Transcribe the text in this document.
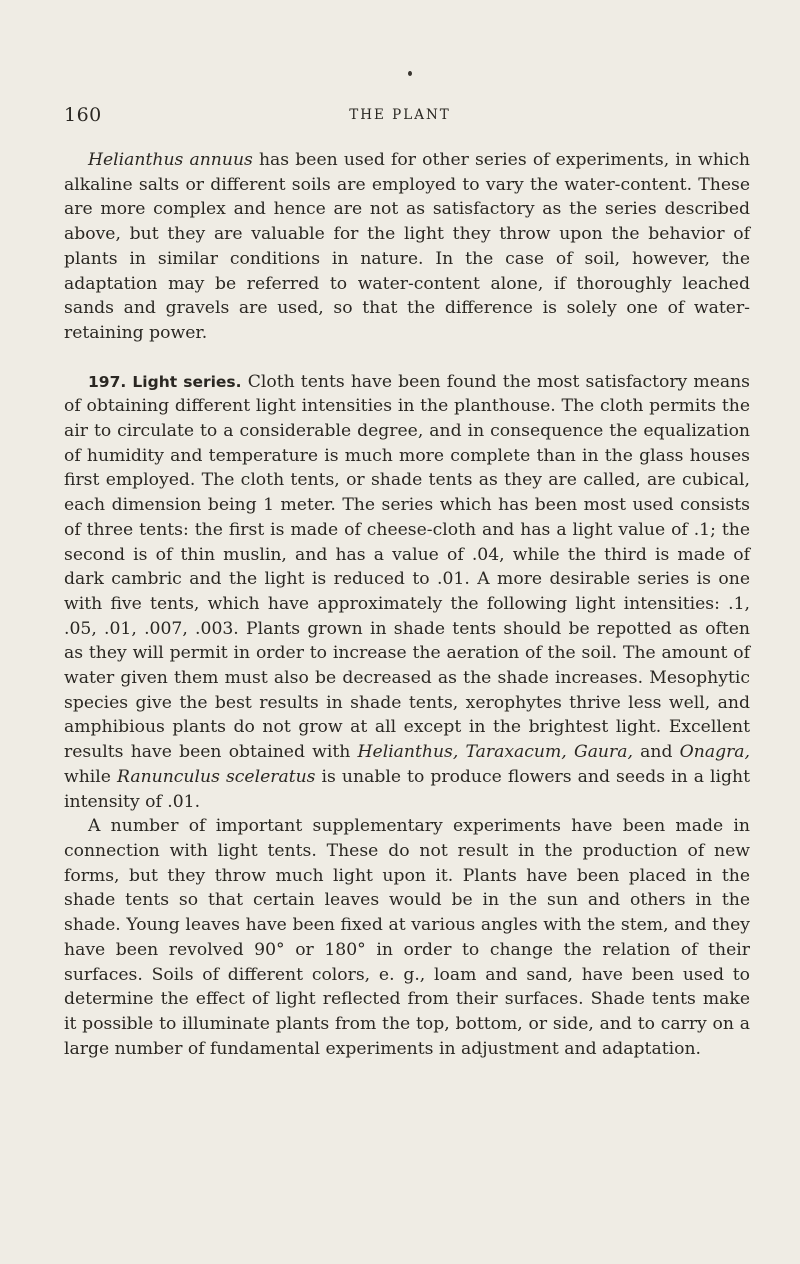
160	THE PLANT

Helianthus annuus has been used for other series of experiments, in which alkaline salts or different soils are employed to vary the water-content. These are more complex and hence are not as satisfactory as the series described above, but they are valuable for the light they throw upon the behavior of plants in similar conditions in nature. In the case of soil, however, the adaptation may be referred to water-content alone, if thoroughly leached sands and gravels are used, so that the difference is solely one of water-retaining power.

197. Light series. Cloth tents have been found the most satisfactory means of obtaining different light intensities in the planthouse. The cloth permits the air to circulate to a considerable degree, and in consequence the equalization of humidity and temperature is much more complete than in the glass houses first employed. The cloth tents, or shade tents as they are called, are cubical, each dimension being 1 meter. The series which has been most used consists of three tents: the first is made of cheese-cloth and has a light value of .1; the second is of thin muslin, and has a value of .04, while the third is made of dark cambric and the light is reduced to .01. A more desirable series is one with five tents, which have approximately the following light intensities: .1, .05, .01, .007, .003. Plants grown in shade tents should be repotted as often as they will permit in order to increase the aeration of the soil. The amount of water given them must also be decreased as the shade increases. Mesophytic species give the best results in shade tents, xerophytes thrive less well, and amphibious plants do not grow at all except in the brightest light. Excellent results have been obtained with Helianthus, Taraxacum, Gaura, and Onagra, while Ranunculus sceleratus is unable to produce flowers and seeds in a light intensity of .01.

A number of important supplementary experiments have been made in connection with light tents. These do not result in the production of new forms, but they throw much light upon it. Plants have been placed in the shade tents so that certain leaves would be in the sun and others in the shade. Young leaves have been fixed at various angles with the stem, and they have been revolved 90° or 180° in order to change the relation of their surfaces. Soils of different colors, e. g., loam and sand, have been used to determine the effect of light reflected from their surfaces. Shade tents make it possible to illuminate plants from the top, bottom, or side, and to carry on a large number of fundamental experiments in adjustment and adaptation.
